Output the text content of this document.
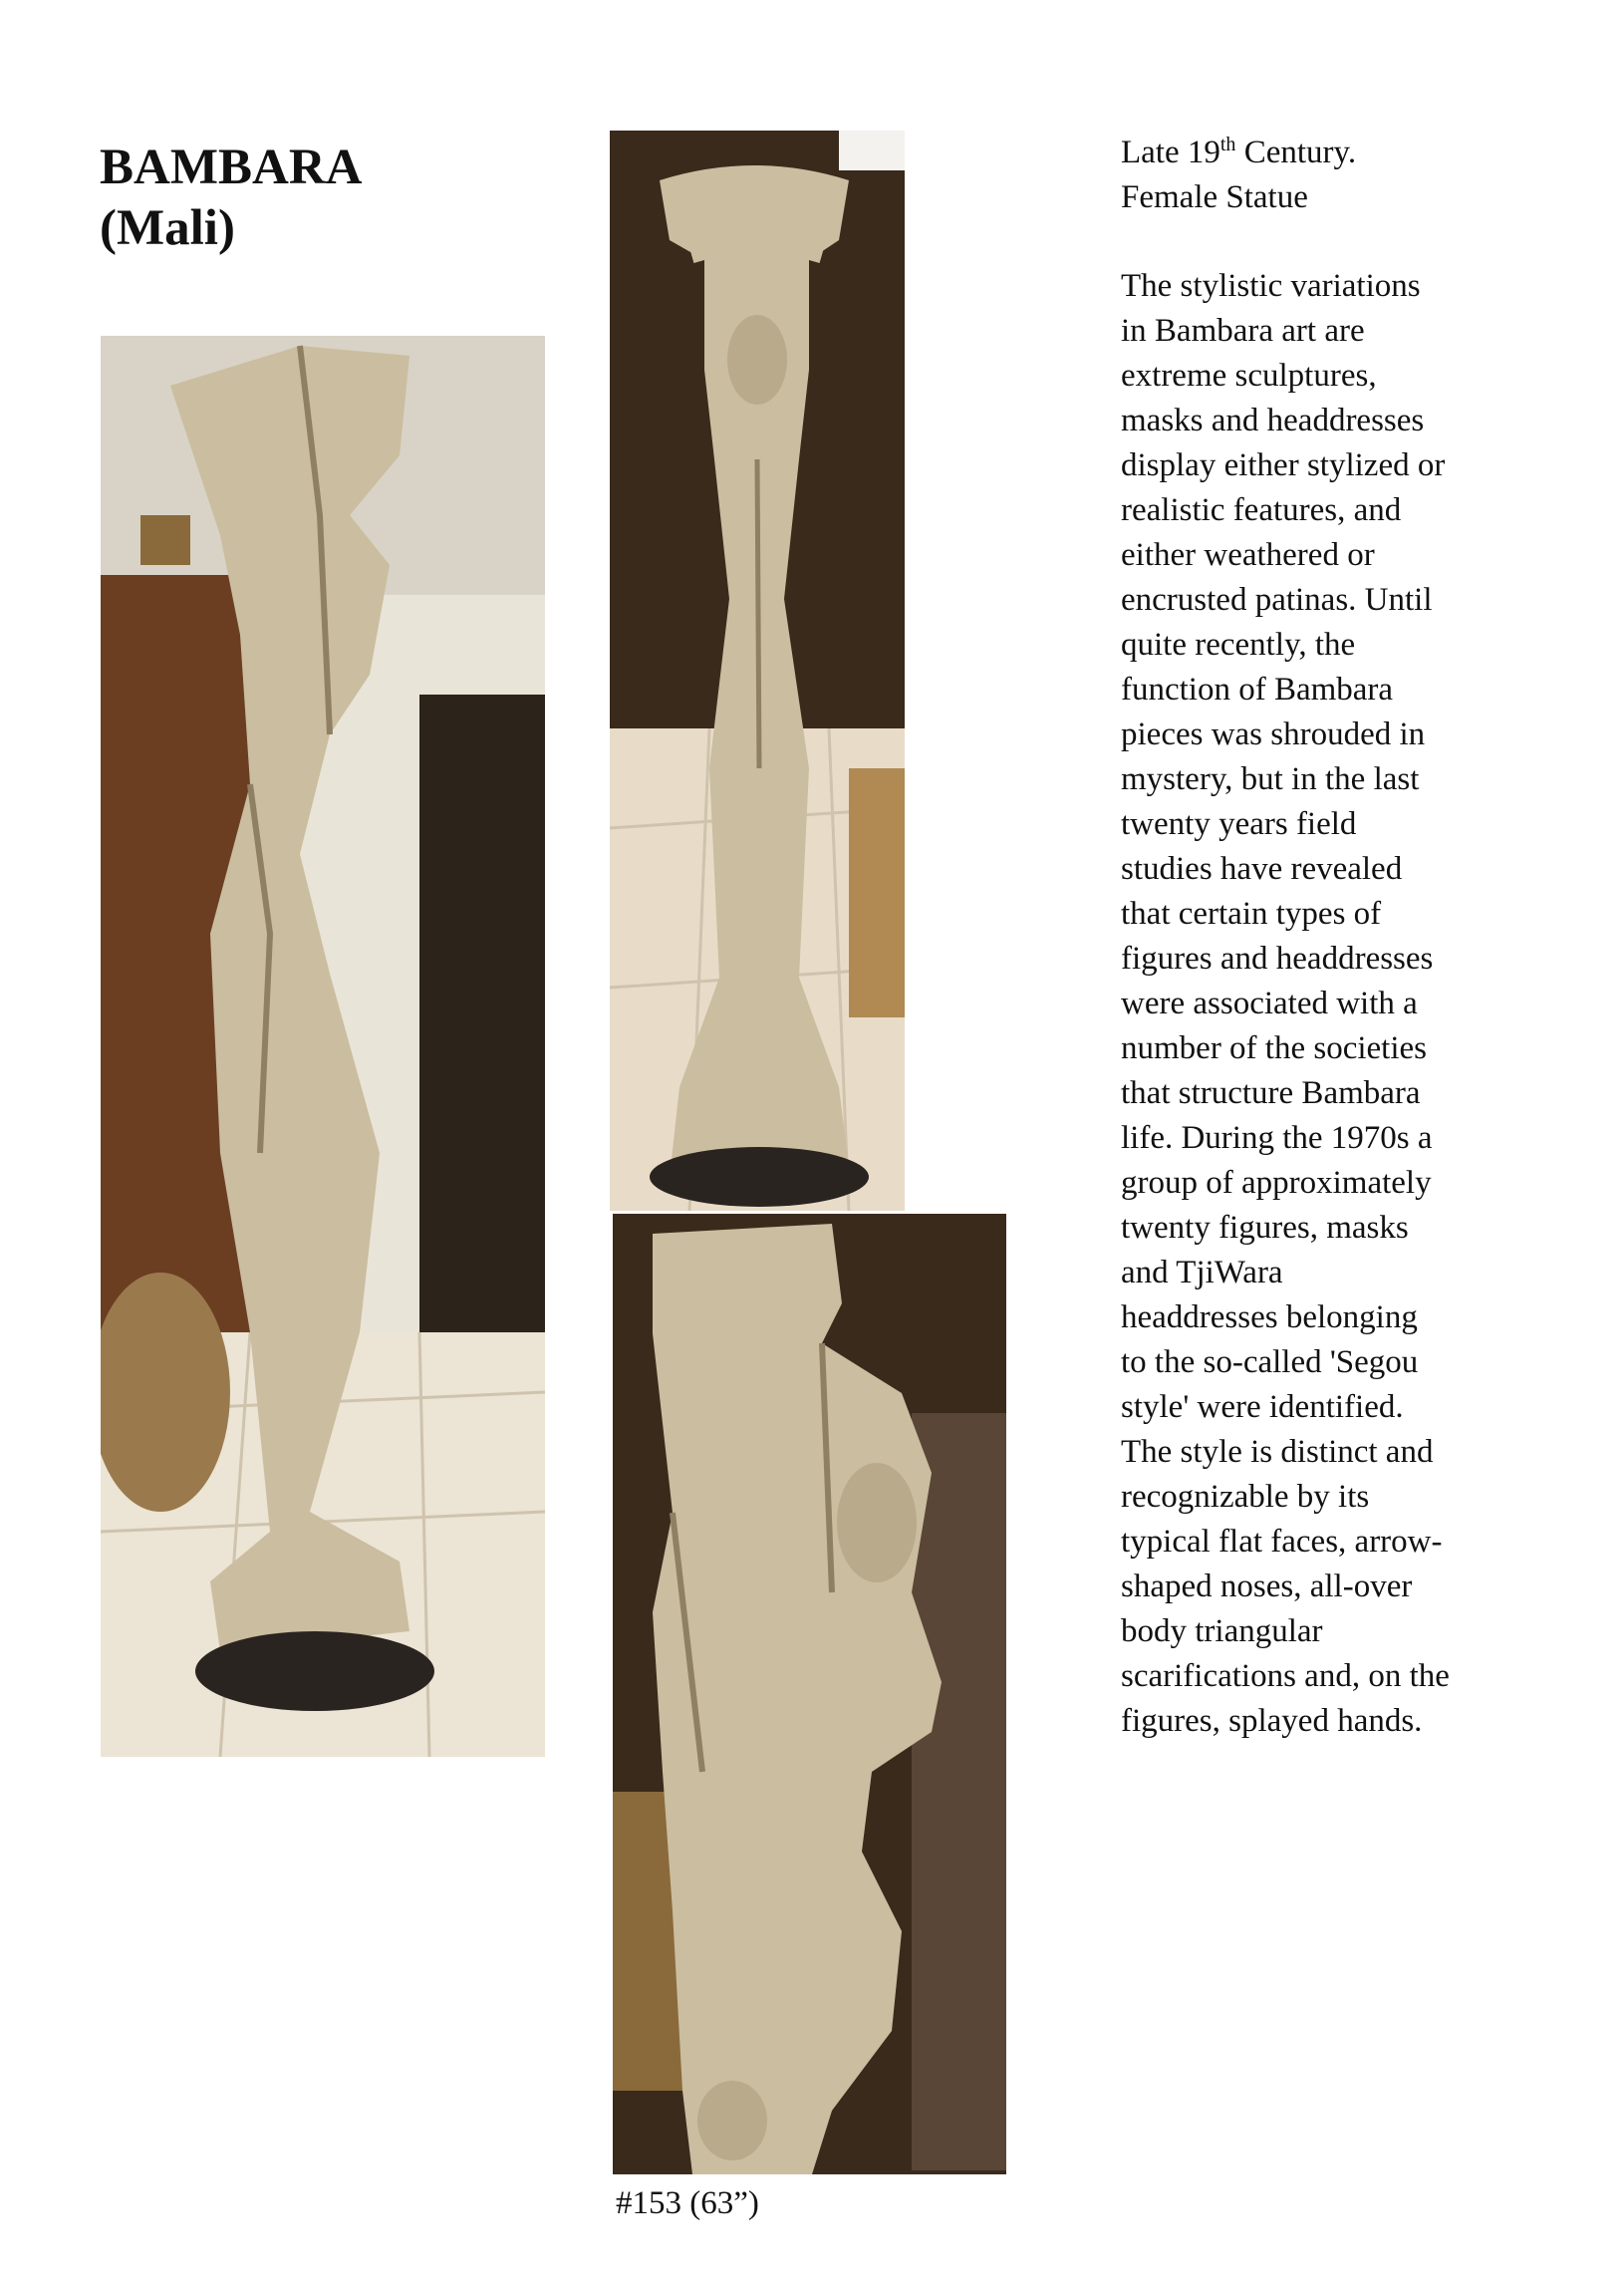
BAMBARA
(Mali)

#153 (63”)

Late 19th Century.
Female Statue

The stylistic variations
in Bambara art are
extreme sculptures,
masks and headdresses
display either stylized or
realistic features, and
either weathered or
encrusted patinas. Until
quite recently, the
function of Bambara
pieces was shrouded in
mystery, but in the last
twenty years field
studies have revealed
that certain types of
figures and headdresses
were associated with a
number of the societies
that structure Bambara
life. During the 1970s a
group of approximately
twenty figures, masks
and TjiWara
headdresses belonging
to the so-called 'Segou
style' were identified.
The style is distinct and
recognizable by its
typical flat faces, arrow-
shaped noses, all-over
body triangular
scarifications and, on the
figures, splayed hands.
